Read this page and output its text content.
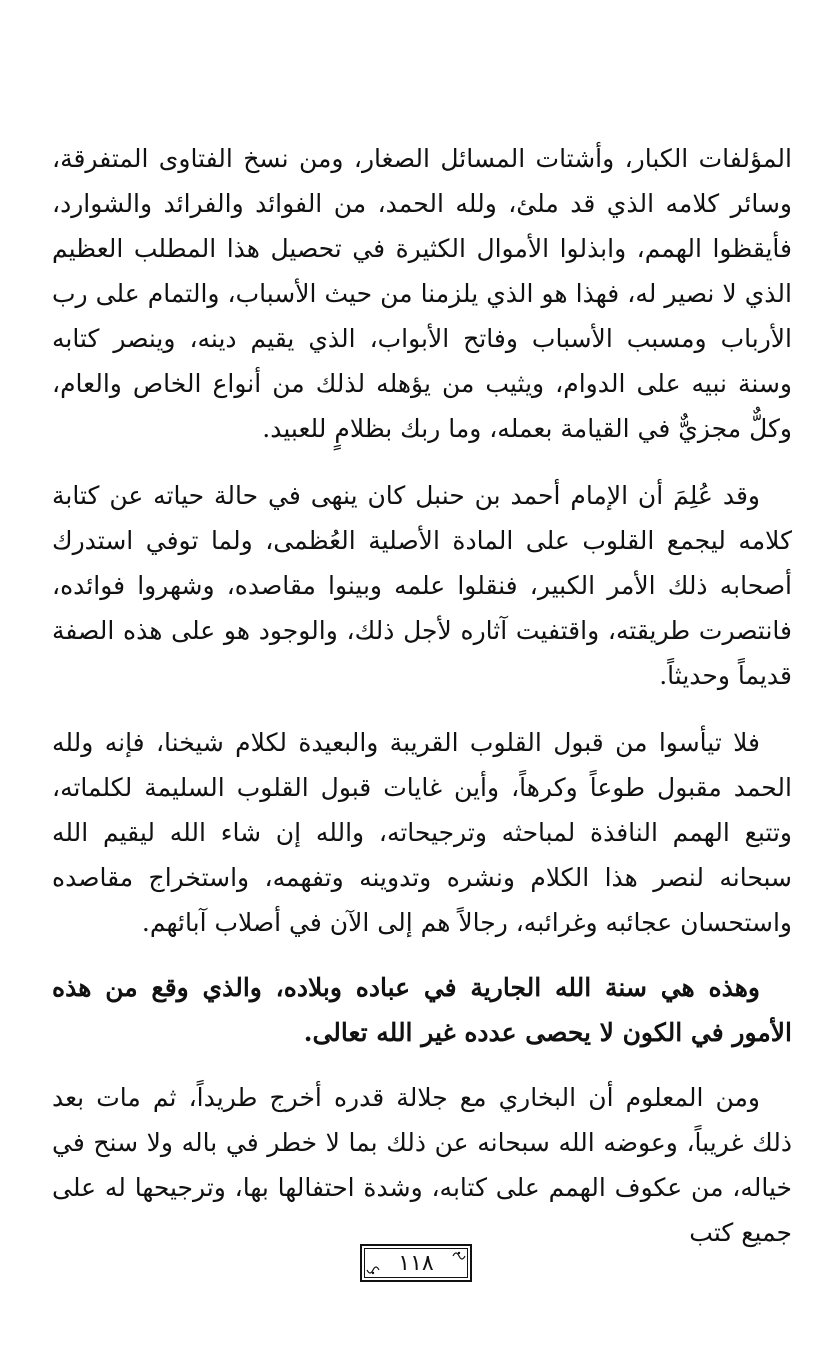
المؤلفات الكبار، وأشتات المسائل الصغار، ومن نسخ الفتاوى المتفرقة، وسائر كلامه الذي قد ملئ، ولله الحمد، من الفوائد والفرائد والشوارد، فأيقظوا الهمم، وابذلوا الأموال الكثيرة في تحصيل هذا المطلب العظيم الذي لا نصير له، فهذا هو الذي يلزمنا من حيث الأسباب، والتمام على رب الأرباب ومسبب الأسباب وفاتح الأبواب، الذي يقيم دينه، وينصر كتابه وسنة نبيه على الدوام، ويثيب من يؤهله لذلك من أنواع الخاص والعام، وكلٌّ مجزيٌّ في القيامة بعمله، وما ربك بظلامٍ للعبيد.

وقد عُلِمَ أن الإمام أحمد بن حنبل كان ينهى في حالة حياته عن كتابة كلامه ليجمع القلوب على المادة الأصلية العُظمى، ولما توفي استدرك أصحابه ذلك الأمر الكبير، فنقلوا علمه وبينوا مقاصده، وشهروا فوائده، فانتصرت طريقته، واقتفيت آثاره لأجل ذلك، والوجود هو على هذه الصفة قديماً وحديثاً.

فلا تيأسوا من قبول القلوب القريبة والبعيدة لكلام شيخنا، فإنه ولله الحمد مقبول طوعاً وكرهاً، وأين غايات قبول القلوب السليمة لكلماته، وتتبع الهمم النافذة لمباحثه وترجيحاته، والله إن شاء الله ليقيم الله سبحانه لنصر هذا الكلام ونشره وتدوينه وتفهمه، واستخراج مقاصده واستحسان عجائبه وغرائبه، رجالاً هم إلى الآن في أصلاب آبائهم.

وهذه هي سنة الله الجارية في عباده وبلاده، والذي وقع من هذه الأمور في الكون لا يحصى عدده غير الله تعالى.

ومن المعلوم أن البخاري مع جلالة قدره أخرج طريداً، ثم مات بعد ذلك غريباً، وعوضه الله سبحانه عن ذلك بما لا خطر في باله ولا سنح في خياله، من عكوف الهمم على كتابه، وشدة احتفالها بها، وترجيحها له على جميع كتب

١١٨
